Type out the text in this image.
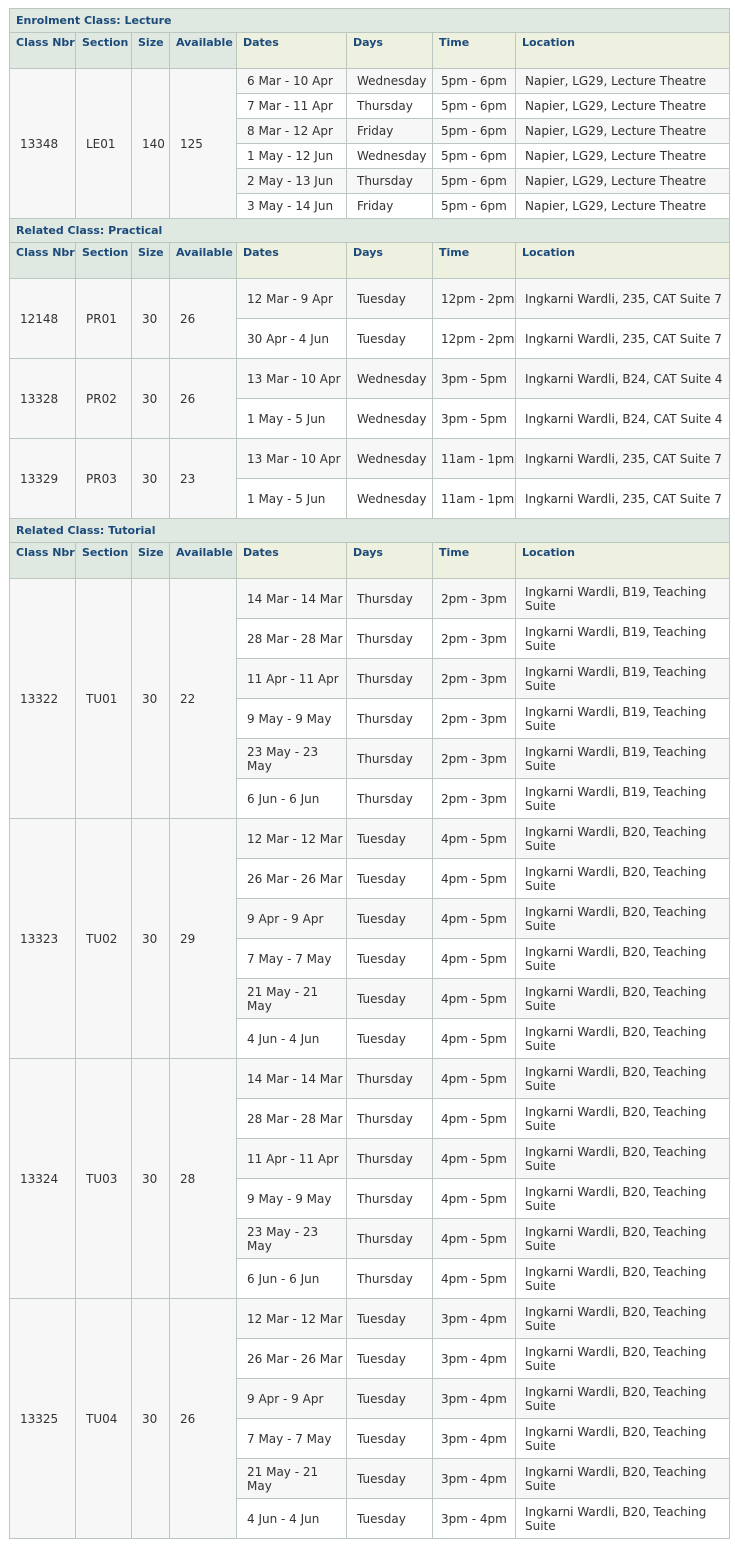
Enrolment Class: Lecture							
Class Nbr	Section	Size	Available	Dates	Days	Time	Location
13348	LE01	140	125	6 Mar - 10 Apr	Wednesday	5pm - 6pm	Napier, LG29, Lecture Theatre
				7 Mar - 11 Apr	Thursday	5pm - 6pm	Napier, LG29, Lecture Theatre
				8 Mar - 12 Apr	Friday	5pm - 6pm	Napier, LG29, Lecture Theatre
				1 May - 12 Jun	Wednesday	5pm - 6pm	Napier, LG29, Lecture Theatre
				2 May - 13 Jun	Thursday	5pm - 6pm	Napier, LG29, Lecture Theatre
				3 May - 14 Jun	Friday	5pm - 6pm	Napier, LG29, Lecture Theatre
Related Class: Practical							
Class Nbr	Section	Size	Available	Dates	Days	Time	Location
12148	PR01	30	26	12 Mar - 9 Apr	Tuesday	12pm - 2pm	Ingkarni Wardli, 235, CAT Suite 7
				30 Apr - 4 Jun	Tuesday	12pm - 2pm	Ingkarni Wardli, 235, CAT Suite 7
13328	PR02	30	26	13 Mar - 10 Apr	Wednesday	3pm - 5pm	Ingkarni Wardli, B24, CAT Suite 4
				1 May - 5 Jun	Wednesday	3pm - 5pm	Ingkarni Wardli, B24, CAT Suite 4
13329	PR03	30	23	13 Mar - 10 Apr	Wednesday	11am - 1pm	Ingkarni Wardli, 235, CAT Suite 7
				1 May - 5 Jun	Wednesday	11am - 1pm	Ingkarni Wardli, 235, CAT Suite 7
Related Class: Tutorial							
Class Nbr	Section	Size	Available	Dates	Days	Time	Location
13322	TU01	30	22	14 Mar - 14 Mar	Thursday	2pm - 3pm	Ingkarni Wardli, B19, Teaching Suite
				28 Mar - 28 Mar	Thursday	2pm - 3pm	Ingkarni Wardli, B19, Teaching Suite
				11 Apr - 11 Apr	Thursday	2pm - 3pm	Ingkarni Wardli, B19, Teaching Suite
				9 May - 9 May	Thursday	2pm - 3pm	Ingkarni Wardli, B19, Teaching Suite
				23 May - 23 May	Thursday	2pm - 3pm	Ingkarni Wardli, B19, Teaching Suite
				6 Jun - 6 Jun	Thursday	2pm - 3pm	Ingkarni Wardli, B19, Teaching Suite
13323	TU02	30	29	12 Mar - 12 Mar	Tuesday	4pm - 5pm	Ingkarni Wardli, B20, Teaching Suite
				26 Mar - 26 Mar	Tuesday	4pm - 5pm	Ingkarni Wardli, B20, Teaching Suite
				9 Apr - 9 Apr	Tuesday	4pm - 5pm	Ingkarni Wardli, B20, Teaching Suite
				7 May - 7 May	Tuesday	4pm - 5pm	Ingkarni Wardli, B20, Teaching Suite
				21 May - 21 May	Tuesday	4pm - 5pm	Ingkarni Wardli, B20, Teaching Suite
				4 Jun - 4 Jun	Tuesday	4pm - 5pm	Ingkarni Wardli, B20, Teaching Suite
13324	TU03	30	28	14 Mar - 14 Mar	Thursday	4pm - 5pm	Ingkarni Wardli, B20, Teaching Suite
				28 Mar - 28 Mar	Thursday	4pm - 5pm	Ingkarni Wardli, B20, Teaching Suite
				11 Apr - 11 Apr	Thursday	4pm - 5pm	Ingkarni Wardli, B20, Teaching Suite
				9 May - 9 May	Thursday	4pm - 5pm	Ingkarni Wardli, B20, Teaching Suite
				23 May - 23 May	Thursday	4pm - 5pm	Ingkarni Wardli, B20, Teaching Suite
				6 Jun - 6 Jun	Thursday	4pm - 5pm	Ingkarni Wardli, B20, Teaching Suite
13325	TU04	30	26	12 Mar - 12 Mar	Tuesday	3pm - 4pm	Ingkarni Wardli, B20, Teaching Suite
				26 Mar - 26 Mar	Tuesday	3pm - 4pm	Ingkarni Wardli, B20, Teaching Suite
				9 Apr - 9 Apr	Tuesday	3pm - 4pm	Ingkarni Wardli, B20, Teaching Suite
				7 May - 7 May	Tuesday	3pm - 4pm	Ingkarni Wardli, B20, Teaching Suite
				21 May - 21 May	Tuesday	3pm - 4pm	Ingkarni Wardli, B20, Teaching Suite
				4 Jun - 4 Jun	Tuesday	3pm - 4pm	Ingkarni Wardli, B20, Teaching Suite
